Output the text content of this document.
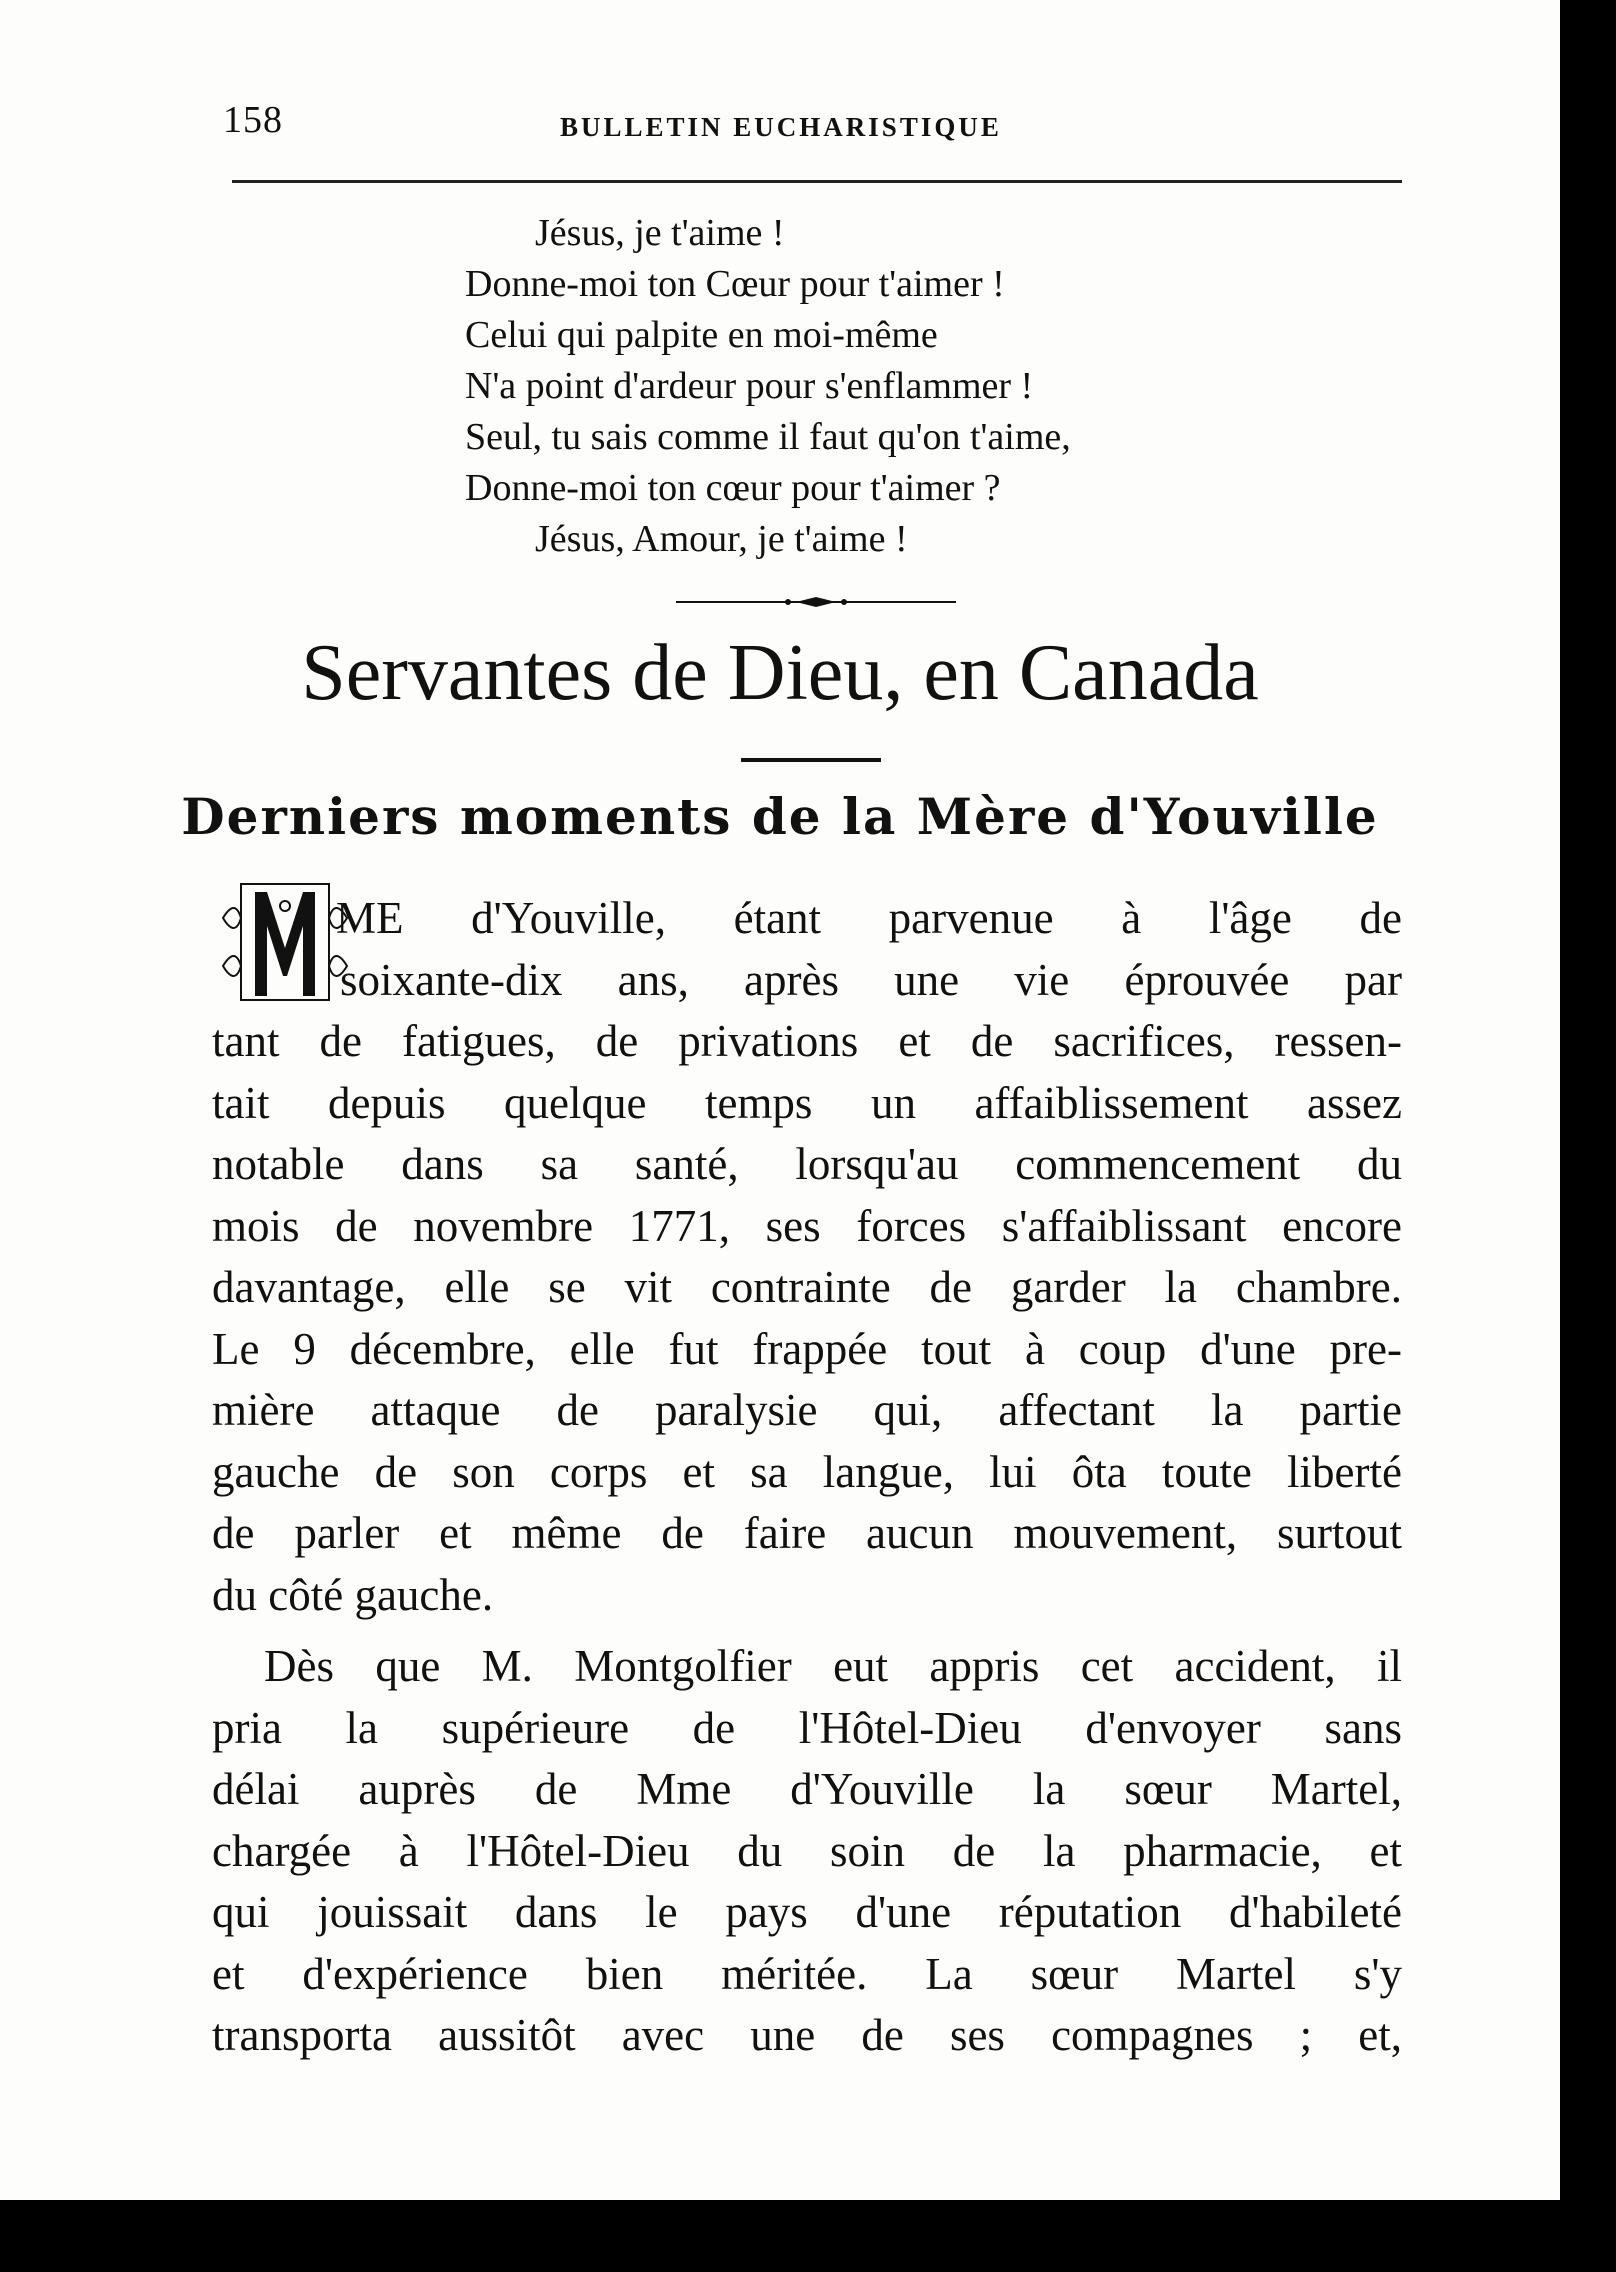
158	BULLETIN EUCHARISTIQUE
Jésus, je t'aime !
Donne-moi ton Cœur pour t'aimer !
Celui qui palpite en moi-même
N'a point d'ardeur pour s'enflammer !
Seul, tu sais comme il faut qu'on t'aime,
Donne-moi ton cœur pour t'aimer ?
Jésus, Amour, je t'aime !
Servantes de Dieu, en Canada
Derniers moments de la Mère d'Youville
ME d'Youville, étant parvenue à l'âge de
soixante-dix ans, après une vie éprouvée par
tant de fatigues, de privations et de sacrifices, ressen-
tait depuis quelque temps un affaiblissement assez
notable dans sa santé, lorsqu'au commencement du
mois de novembre 1771, ses forces s'affaiblissant encore
davantage, elle se vit contrainte de garder la chambre.
Le 9 décembre, elle fut frappée tout à coup d'une pre-
mière attaque de paralysie qui, affectant la partie
gauche de son corps et sa langue, lui ôta toute liberté
de parler et même de faire aucun mouvement, surtout
du côté gauche.
Dès que M. Montgolfier eut appris cet accident, il
pria la supérieure de l'Hôtel-Dieu d'envoyer sans
délai auprès de Mme d'Youville la sœur Martel,
chargée à l'Hôtel-Dieu du soin de la pharmacie, et
qui jouissait dans le pays d'une réputation d'habileté
et d'expérience bien méritée. La sœur Martel s'y
transporta aussitôt avec une de ses compagnes ; et,
